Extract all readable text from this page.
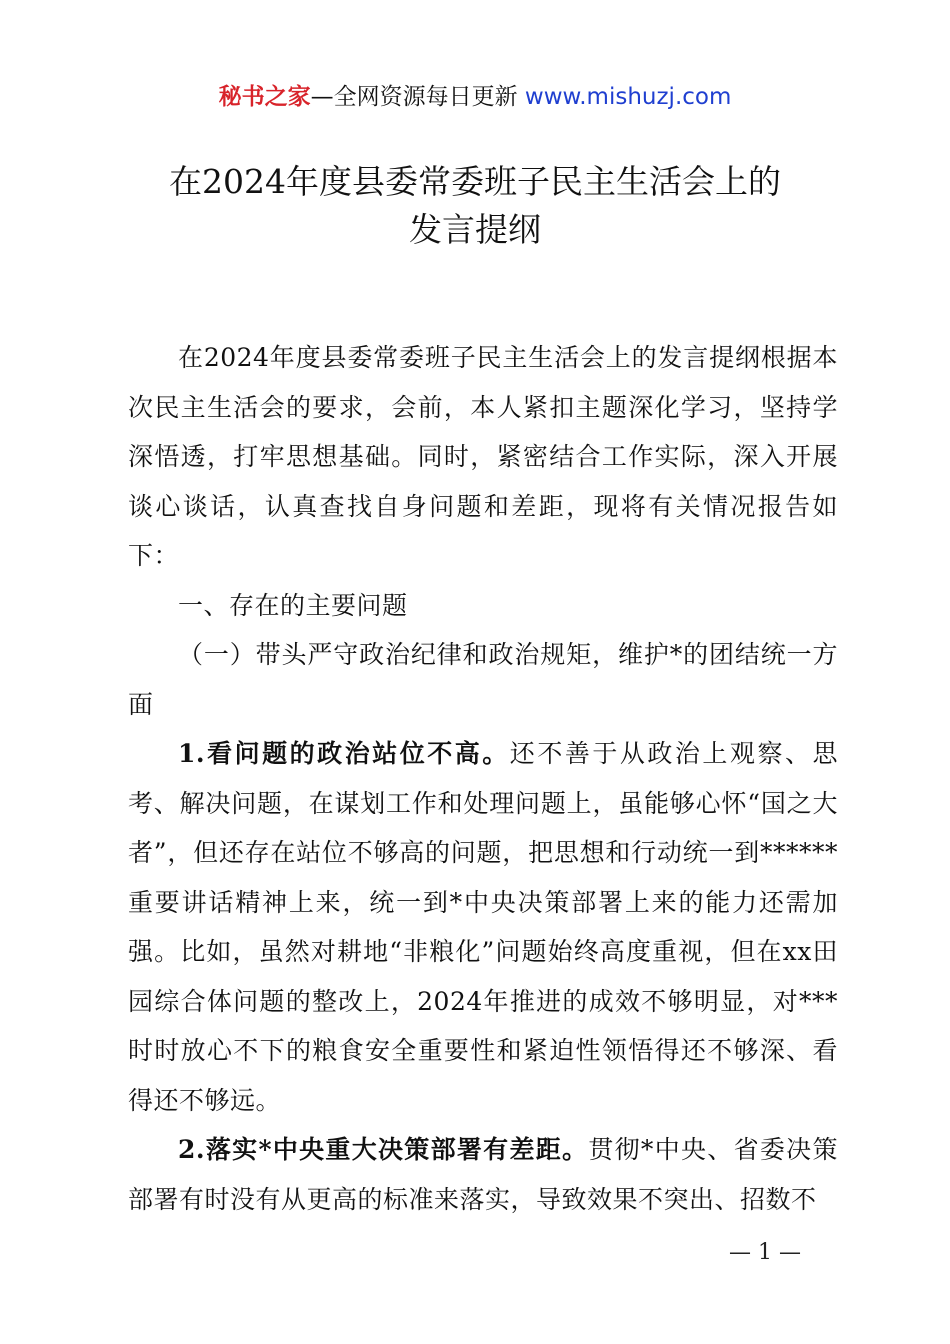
秘书之家—全网资源每日更新 www.mishuzj.com
在2024年度县委常委班子民主生活会上的
发言提纲

在2024年度县委常委班子民主生活会上的发言提纲根据本次民主生活会的要求，会前，本人紧扣主题深化学习，坚持学深悟透，打牢思想基础。同时，紧密结合工作实际，深入开展谈心谈话，认真查找自身问题和差距，现将有关情况报告如下：

一、存在的主要问题

（一）带头严守政治纪律和政治规矩，维护*的团结统一方面

1.看问题的政治站位不高。还不善于从政治上观察、思考、解决问题，在谋划工作和处理问题上，虽能够心怀“国之大者”，但还存在站位不够高的问题，把思想和行动统一到******重要讲话精神上来，统一到*中央决策部署上来的能力还需加强。比如，虽然对耕地“非粮化”问题始终高度重视，但在xx田园综合体问题的整改上，2024年推进的成效不够明显，对***时时放心不下的粮食安全重要性和紧迫性领悟得还不够深、看得还不够远。

2.落实*中央重大决策部署有差距。贯彻*中央、省委决策部署有时没有从更高的标准来落实，导致效果不突出、招数不

— 1 —
